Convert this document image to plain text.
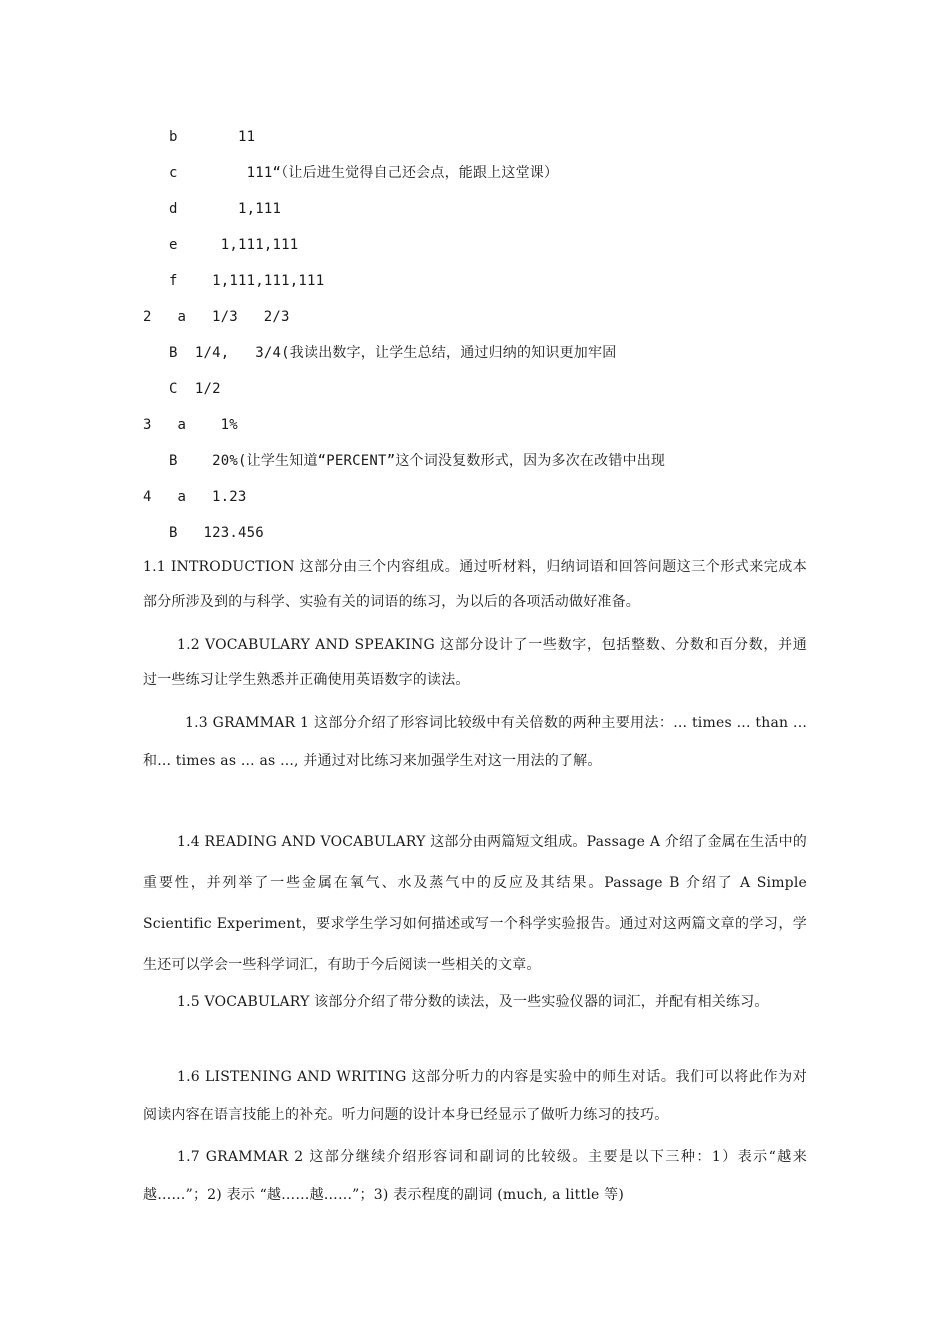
b       11
c        111“（让后进生觉得自己还会点，能跟上这堂课）
d       1,111
e     1,111,111
f    1,111,111,111
2   a   1/3   2/3
B  1/4,   3/4(我读出数字，让学生总结，通过归纳的知识更加牢固
C  1/2
3   a    1%
B    20%(让学生知道“PERCENT”这个词没复数形式，因为多次在改错中出现
4   a   1.23
B   123.456
1.1 INTRODUCTION 这部分由三个内容组成。通过听材料，归纳词语和回答问题这三个形式来完成本部分所涉及到的与科学、实验有关的词语的练习，为以后的各项活动做好准备。
1.2 VOCABULARY AND SPEAKING 这部分设计了一些数字，包括整数、分数和百分数，并通过一些练习让学生熟悉并正确使用英语数字的读法。
1.3 GRAMMAR 1 这部分介绍了形容词比较级中有关倍数的两种主要用法：... times ... than ...和... times as ... as ..., 并通过对比练习来加强学生对这一用法的了解。
1.4 READING AND VOCABULARY 这部分由两篇短文组成。Passage A 介绍了金属在生活中的重要性，并列举了一些金属在氧气、水及蒸气中的反应及其结果。Passage B 介绍了 A Simple Scientific Experiment，要求学生学习如何描述或写一个科学实验报告。通过对这两篇文章的学习，学生还可以学会一些科学词汇，有助于今后阅读一些相关的文章。
1.5 VOCABULARY 该部分介绍了带分数的读法，及一些实验仪器的词汇，并配有相关练习。
1.6 LISTENING AND WRITING 这部分听力的内容是实验中的师生对话。我们可以将此作为对阅读内容在语言技能上的补充。听力问题的设计本身已经显示了做听力练习的技巧。
1.7 GRAMMAR 2 这部分继续介绍形容词和副词的比较级。主要是以下三种：1）表示“越来越……”；2) 表示 “越……越……”；3) 表示程度的副词 (much, a little 等)
